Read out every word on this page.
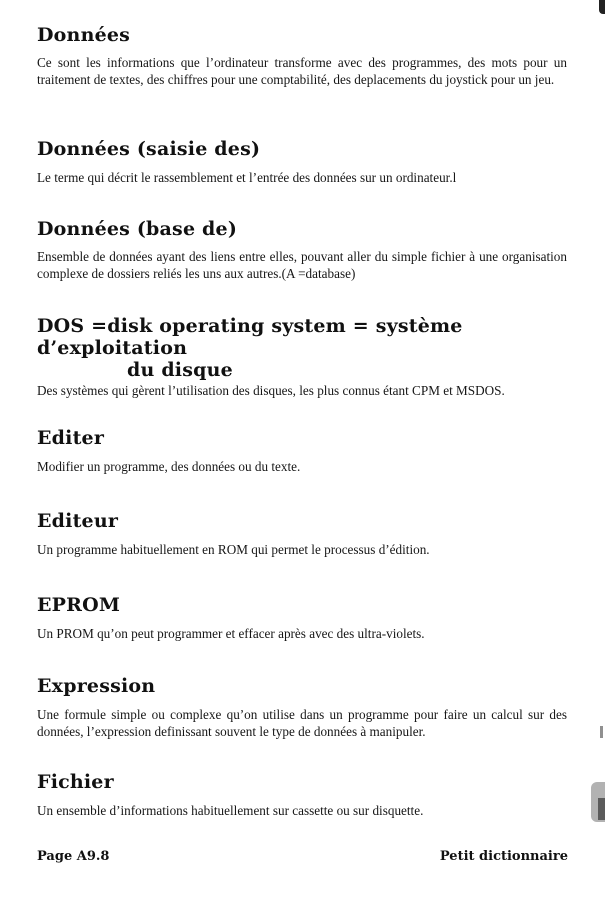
Données

Ce sont les informations que l’ordinateur transforme avec des programmes, des mots pour un traitement de textes, des chiffres pour une comptabilité, des deplacements du joystick pour un jeu.

Données (saisie des)

Le terme qui décrit le rassemblement et l’entrée des données sur un ordinateur.l

Données (base de)

Ensemble de données ayant des liens entre elles, pouvant aller du simple fichier à une organisation complexe de dossiers reliés les uns aux autres.(A =database)

DOS =disk operating system = système d’exploitation
du disque

Des systèmes qui gèrent l’utilisation des disques, les plus connus étant CPM et MSDOS.

Editer

Modifier un programme, des données ou du texte.

Editeur

Un programme habituellement en ROM qui permet le processus d’édition.

EPROM

Un PROM qu’on peut programmer et effacer après avec des ultra-violets.

Expression

Une formule simple ou complexe qu’on utilise dans un programme pour faire un calcul sur des données, l’expression definissant souvent le type de données à manipuler.

Fichier

Un ensemble d’informations habituellement sur cassette ou sur disquette.

Page A9.8	Petit dictionnaire
